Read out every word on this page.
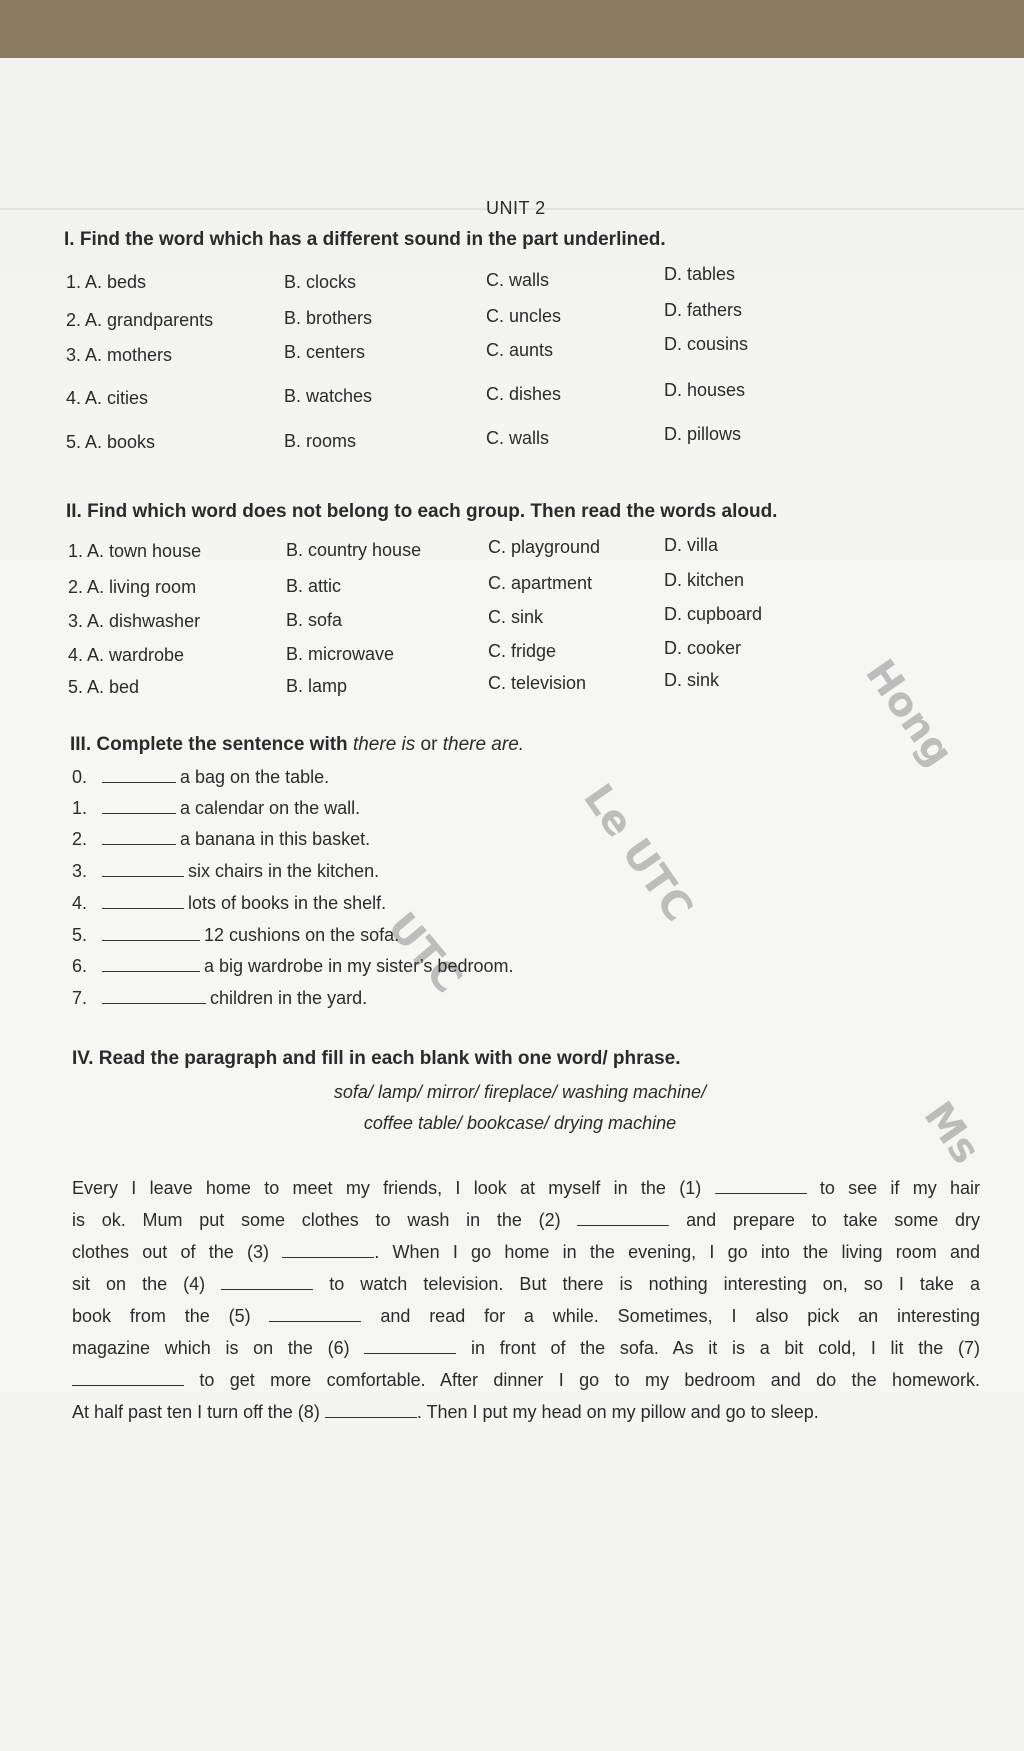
Hong
Le UTC
UTC
Ms
UNIT 2
I. Find the word which has a different sound in the part underlined.
1. A. beds	B. clocks	C. walls	D. tables
2. A. grandparents	B. brothers	C. uncles	D. fathers
3. A. mothers	B. centers	C. aunts	D. cousins
4. A. cities	B. watches	C. dishes	D. houses
5. A. books	B. rooms	C. walls	D. pillows
II. Find which word does not belong to each group. Then read the words aloud.
1. A. town house	B. country house	C. playground	D. villa
2. A. living room	B. attic	C. apartment	D. kitchen
3. A. dishwasher	B. sofa	C. sink	D. cupboard
4. A. wardrobe	B. microwave	C. fridge	D. cooker
5. A. bed	B. lamp	C. television	D. sink
III. Complete the sentence with there is or there are.
0.	a bag on the table.
1.	a calendar on the wall.
2.	a banana in this basket.
3.	six chairs in the kitchen.
4.	lots of books in the shelf.
5.	12 cushions on the sofa.
6.	a big wardrobe in my sister’s bedroom.
7.	children in the yard.
IV. Read the paragraph and fill in each blank with one word/ phrase.
sofa/ lamp/ mirror/ fireplace/ washing machine/
coffee table/ bookcase/ drying machine
Every I leave home to meet my friends, I look at myself in the (1)	to see if my hair
is ok. Mum put some clothes to wash in the (2)	and prepare to take some dry
clothes out of the (3)	. When I go home in the evening, I go into the living room and
sit on the (4)	to watch television. But there is nothing interesting on, so I take a
book from the (5)	and read for a while. Sometimes, I also pick an interesting
magazine which is on the (6)	in front of the sofa. As it is a bit cold, I lit the (7)
to get more comfortable. After dinner I go to my bedroom and do the homework.
At half past ten I turn off the (8)	. Then I put my head on my pillow and go to sleep.
